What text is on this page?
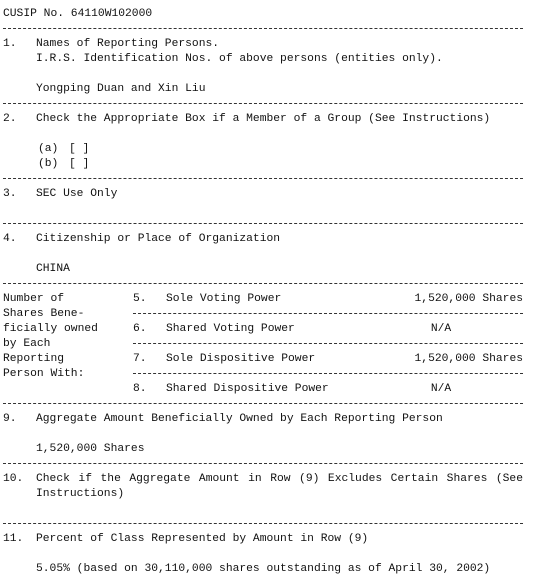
CUSIP No. 64110W102000
1. Names of Reporting Persons.
I.R.S. Identification Nos. of above persons (entities only).
Yongping Duan and Xin Liu
2. Check the Appropriate Box if a Member of a Group (See Instructions)
(a) [ ]
(b) [ ]
3. SEC Use Only
4. Citizenship or Place of Organization
CHINA
Number of
Shares Bene-
ficially owned
by Each
Reporting
Person With:
5. Sole Voting Power	1,520,000 Shares
6. Shared Voting Power	N/A
7. Sole Dispositive Power	1,520,000 Shares
8. Shared Dispositive Power	N/A
9. Aggregate Amount Beneficially Owned by Each Reporting Person
1,520,000 Shares
10. Check if the Aggregate Amount in Row (9) Excludes Certain Shares (See
Instructions)
11. Percent of Class Represented by Amount in Row (9)
5.05% (based on 30,110,000 shares outstanding as of April 30, 2002)
